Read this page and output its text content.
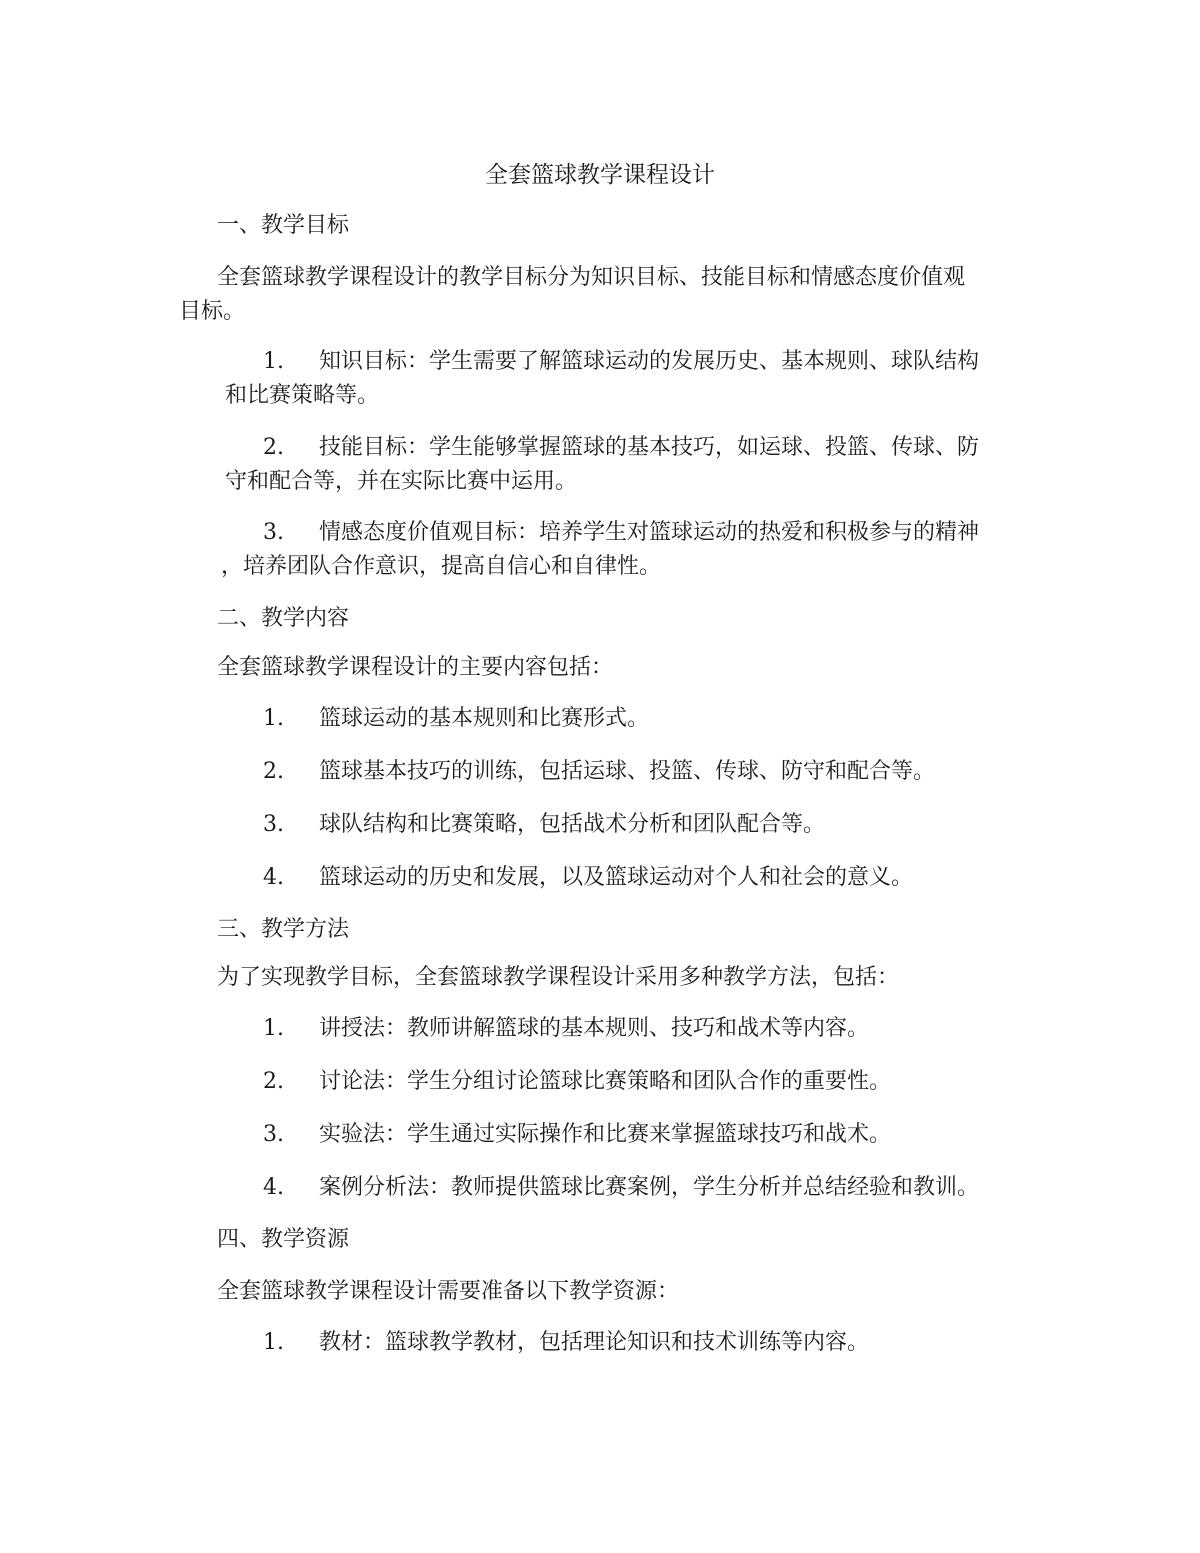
全套篮球教学课程设计
一、教学目标
全套篮球教学课程设计的教学目标分为知识目标、技能目标和情感态度价值观
目标。
1.	知识目标：学生需要了解篮球运动的发展历史、基本规则、球队结构
和比赛策略等。
2.	技能目标：学生能够掌握篮球的基本技巧，如运球、投篮、传球、防
守和配合等，并在实际比赛中运用。
3.	情感态度价值观目标：培养学生对篮球运动的热爱和积极参与的精神
，培养团队合作意识，提高自信心和自律性。
二、教学内容
全套篮球教学课程设计的主要内容包括：
1.	篮球运动的基本规则和比赛形式。
2.	篮球基本技巧的训练，包括运球、投篮、传球、防守和配合等。
3.	球队结构和比赛策略，包括战术分析和团队配合等。
4.	篮球运动的历史和发展，以及篮球运动对个人和社会的意义。
三、教学方法
为了实现教学目标，全套篮球教学课程设计采用多种教学方法，包括：
1.	讲授法：教师讲解篮球的基本规则、技巧和战术等内容。
2.	讨论法：学生分组讨论篮球比赛策略和团队合作的重要性。
3.	实验法：学生通过实际操作和比赛来掌握篮球技巧和战术。
4.	案例分析法：教师提供篮球比赛案例，学生分析并总结经验和教训。
四、教学资源
全套篮球教学课程设计需要准备以下教学资源：
1.	教材：篮球教学教材，包括理论知识和技术训练等内容。
